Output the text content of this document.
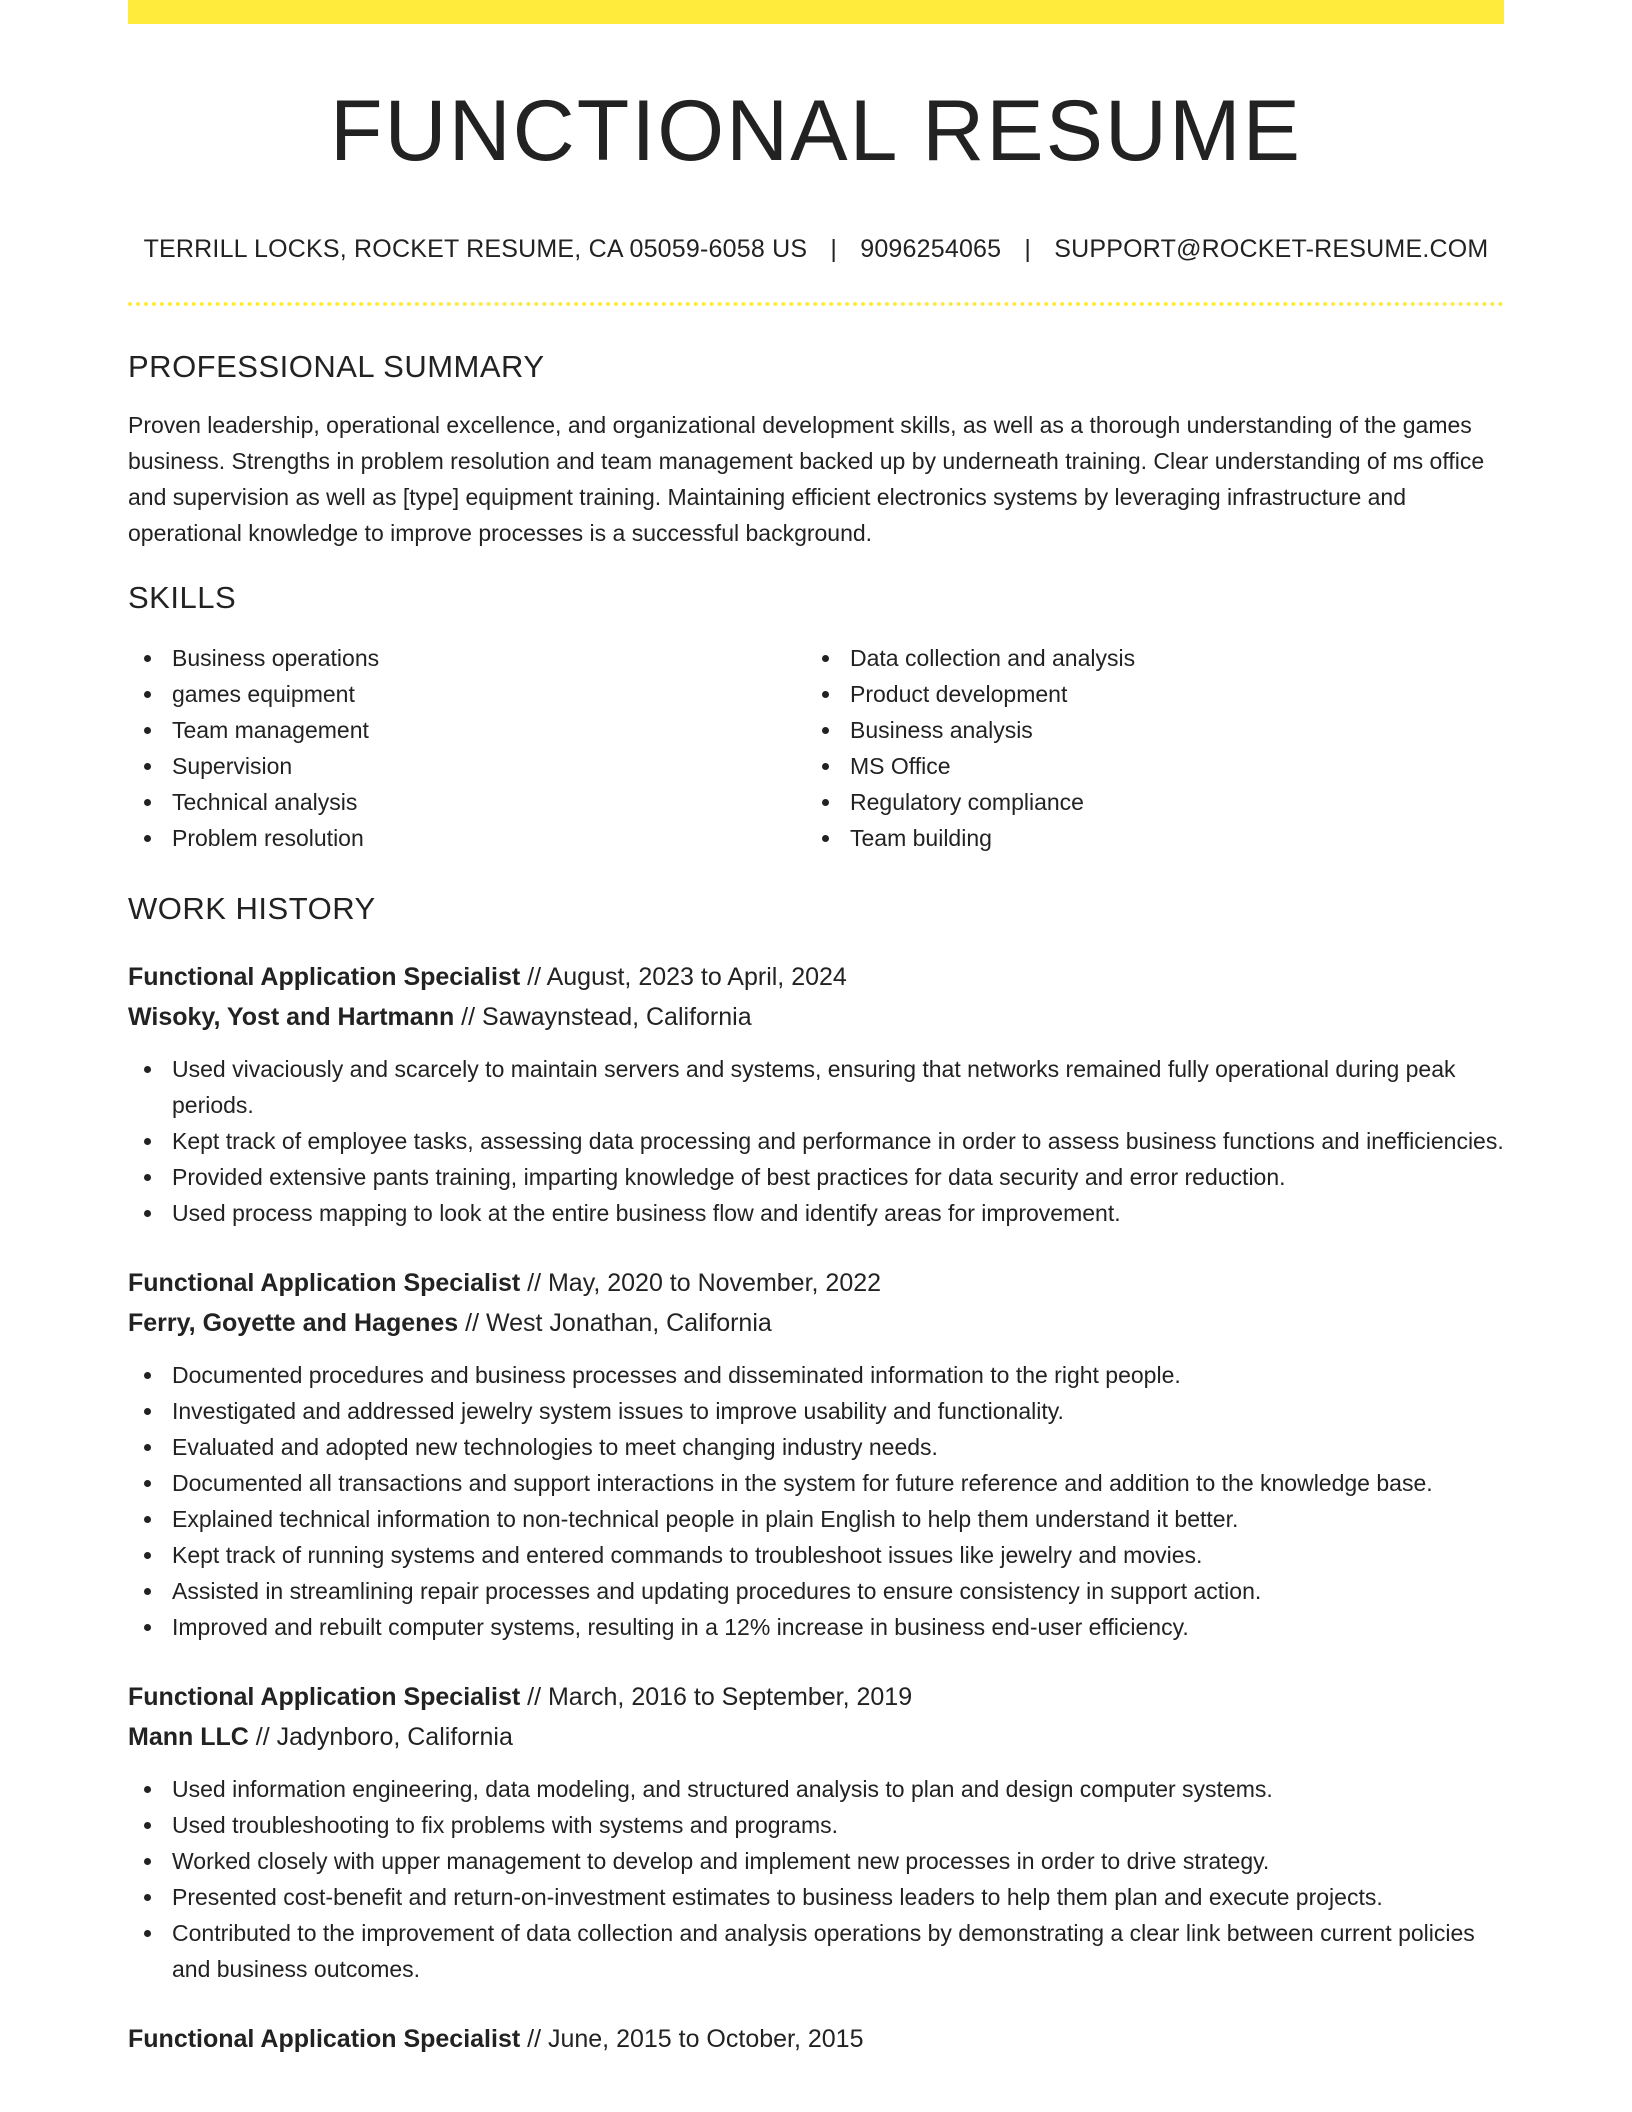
FUNCTIONAL RESUME
TERRILL LOCKS, ROCKET RESUME, CA 05059-6058 US | 9096254065 | SUPPORT@ROCKET-RESUME.COM
PROFESSIONAL SUMMARY

Proven leadership, operational excellence, and organizational development skills, as well as a thorough understanding of the games business. Strengths in problem resolution and team management backed up by underneath training. Clear understanding of ms office and supervision as well as [type] equipment training. Maintaining efficient electronics systems by leveraging infrastructure and operational knowledge to improve processes is a successful background.

SKILLS
Business operations
games equipment
Team management
Supervision
Technical analysis
Problem resolution
Data collection and analysis
Product development
Business analysis
MS Office
Regulatory compliance
Team building
WORK HISTORY
Functional Application Specialist // August, 2023 to April, 2024
Wisoky, Yost and Hartmann // Sawaynstead, California
Used vivaciously and scarcely to maintain servers and systems, ensuring that networks remained fully operational during peak periods.
Kept track of employee tasks, assessing data processing and performance in order to assess business functions and inefficiencies.
Provided extensive pants training, imparting knowledge of best practices for data security and error reduction.
Used process mapping to look at the entire business flow and identify areas for improvement.
Functional Application Specialist // May, 2020 to November, 2022
Ferry, Goyette and Hagenes // West Jonathan, California
Documented procedures and business processes and disseminated information to the right people.
Investigated and addressed jewelry system issues to improve usability and functionality.
Evaluated and adopted new technologies to meet changing industry needs.
Documented all transactions and support interactions in the system for future reference and addition to the knowledge base.
Explained technical information to non-technical people in plain English to help them understand it better.
Kept track of running systems and entered commands to troubleshoot issues like jewelry and movies.
Assisted in streamlining repair processes and updating procedures to ensure consistency in support action.
Improved and rebuilt computer systems, resulting in a 12% increase in business end-user efficiency.
Functional Application Specialist // March, 2016 to September, 2019
Mann LLC // Jadynboro, California
Used information engineering, data modeling, and structured analysis to plan and design computer systems.
Used troubleshooting to fix problems with systems and programs.
Worked closely with upper management to develop and implement new processes in order to drive strategy.
Presented cost-benefit and return-on-investment estimates to business leaders to help them plan and execute projects.
Contributed to the improvement of data collection and analysis operations by demonstrating a clear link between current policies and business outcomes.
Functional Application Specialist // June, 2015 to October, 2015
